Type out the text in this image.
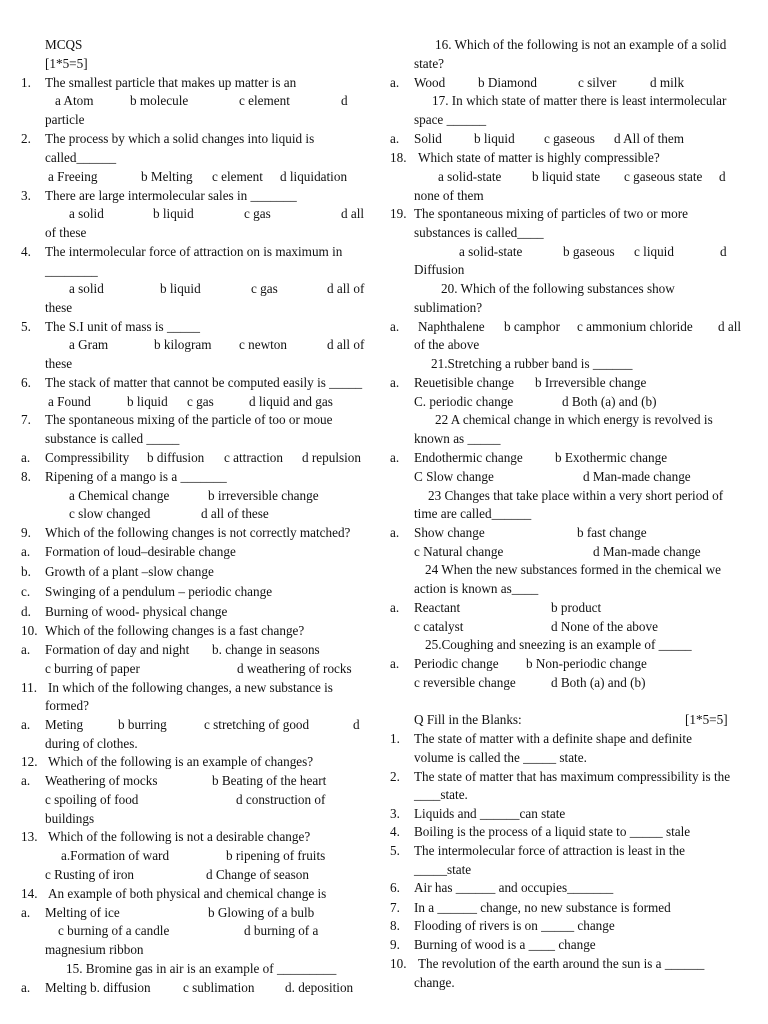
MCQS
[1*5=5]
1. The smallest particle that makes up matter is an
a Atom	b molecule	c element	d
particle
2. The process by which a solid changes into liquid is
called______
a Freeing	b Melting c element d liquidation
3. There are large intermolecular sales in _______
a solid	b liquid	c gas	d all
of these
4. The intermolecular force of attraction on is maximum in
________
a solid	b liquid	c gas	d all of
these
5. The S.I unit of mass is _____
a Gram	b kilogram c newton	d all of
these
6. The stack of matter that cannot be computed easily is _____
a Found	b liquid c gas	d liquid and gas
7. The spontaneous mixing of the particle of too or moue
substance is called _____
a. Compressibility b diffusion c attraction d repulsion
8. Ripening of a mango is a _______
a Chemical change	b irreversible change
c slow changed	d all of these
9. Which of the following changes is not correctly matched?
a. Formation of loud–desirable change
b. Growth of a plant –slow change
c. Swinging of a pendulum – periodic change
d. Burning of wood- physical change
10. Which of the following changes is a fast change?
a. Formation of day and night b. change in seasons
c burring of paper	d weathering of rocks
11. In which of the following changes, a new substance is
formed?
a. Meting	b burring	c stretching of good	d
during of clothes.
12. Which of the following is an example of changes?
a. Weathering of mocks	b Beating of the heart
c spoiling of food	d construction of
buildings
13. Which of the following is not a desirable change?
a.Formation of ward	b ripening of fruits
c Rusting of iron	d Change of season
14. An example of both physical and chemical change is
a. Melting of ice	b Glowing of a bulb
c burning of a candle	d burning of a
magnesium ribbon
15. Bromine gas in air is an example of _________
a. Melting b. diffusion c sublimation d. deposition
16. Which of the following is not an example of a solid
state?
a. Wood b Diamond	c silver	d milk
17. In which state of matter there is least intermolecular
space ______
a. Solid b liquid c gaseous d All of them
18. Which state of matter is highly compressible?
a solid-state b liquid state c gaseous state d
none of them
19. The spontaneous mixing of particles of two or more
substances is called____
a solid-state	b gaseous c liquid	d
Diffusion
20. Which of the following substances show
sublimation?
a. Naphthalene b camphor c ammonium chloride d all
of the above
21.Stretching a rubber band is ______
a. Reuetisible change b Irreversible change
C. periodic change	d Both (a) and (b)
22 A chemical change in which energy is revolved is
known as _____
a. Endothermic change b Exothermic change
C Slow change	d Man-made change
23 Changes that take place within a very short period of
time are called______
a. Show change	b fast change
c Natural change	d Man-made change
24 When the new substances formed in the chemical we
action is known as____
a. Reactant	b product
c catalyst	d None of the above
25.Coughing and sneezing is an example of _____
a. Periodic change b Non-periodic change
c reversible change	d Both (a) and (b)
Q Fill in the Blanks:	[1*5=5]
1. The state of matter with a definite shape and definite
volume is called the _____ state.
2. The state of matter that has maximum compressibility is the
____state.
3. Liquids and ______can state
4. Boiling is the process of a liquid state to _____ stale
5. The intermolecular force of attraction is least in the
_____state
6. Air has ______ and occupies_______
7. In a ______ change, no new substance is formed
8. Flooding of rivers is on _____ change
9. Burning of wood is a ____ change
10. The revolution of the earth around the sun is a ______
change.
